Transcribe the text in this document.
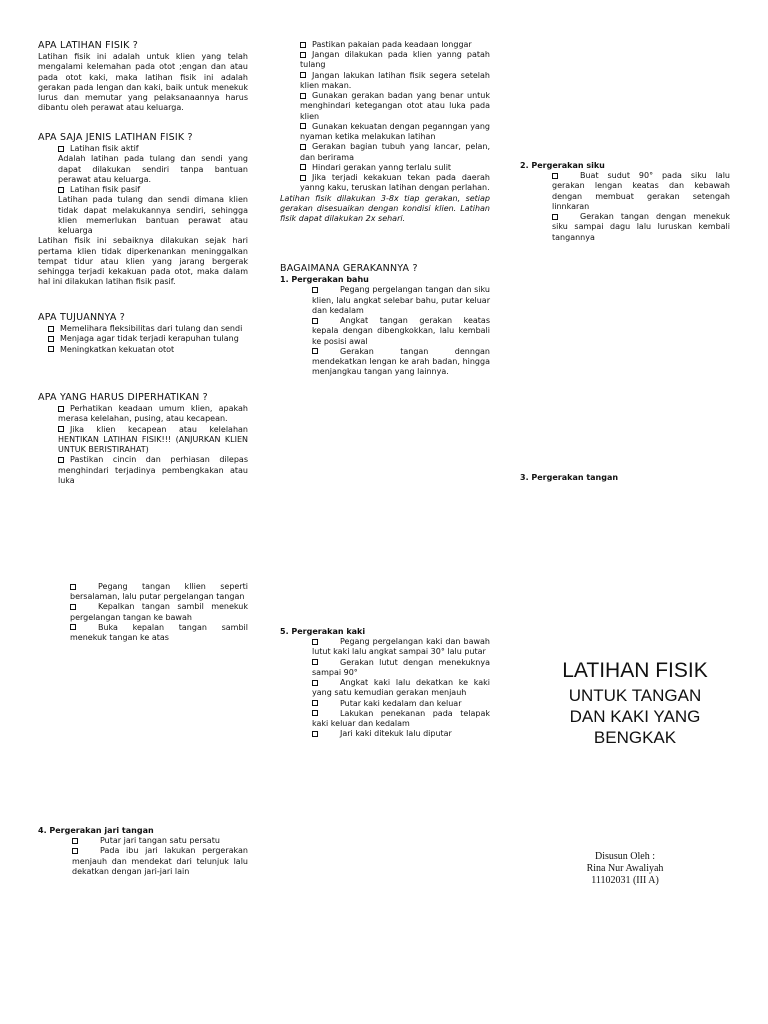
APA LATIHAN FISIK ?

Latihan fisik ini adalah untuk klien yang telah mengalami kelemahan pada otot ;engan dan atau pada otot kaki, maka latihan fisik ini adalah gerakan pada lengan dan kaki, baik untuk menekuk lurus dan memutar yang pelaksanaannya harus dibantu oleh perawat atau keluarga.

APA SAJA JENIS LATIHAN FISIK ?
Latihan fisik aktif

Adalah latihan pada tulang dan sendi yang dapat dilakukan sendiri tanpa bantuan perawat atau keluarga.

Latihan fisik pasif

Latihan pada tulang dan sendi dimana klien tidak dapat melakukannya sendiri, sehingga klien memerlukan bantuan perawat atau keluarga

Latihan fisik ini sebaiknya dilakukan sejak hari pertama klien tidak diperkenankan meninggalkan tempat tidur atau klien yang jarang bergerak sehingga terjadi kekakuan pada otot, maka dalam hal ini dilakukan latihan fisik pasif.

APA TUJUANNYA ?
Memelihara fleksibilitas dari tulang dan sendi
Menjaga agar tidak terjadi kerapuhan tulang
Meningkatkan kekuatan otot
APA YANG HARUS DIPERHATIKAN ?
Perhatikan keadaan umum klien, apakah merasa kelelahan, pusing, atau kecapean.
Jika klien kecapean atau kelelahan HENTIKAN LATIHAN FISIK!!! (ANJURKAN KLIEN UNTUK BERISTIRAHAT)
Pastikan cincin dan perhiasan dilepas menghindari terjadinya pembengkakan atau luka
Pegang tangan kllien seperti bersalaman, lalu putar pergelangan tangan
Kepalkan tangan sambil menekuk pergelangan tangan ke bawah
Buka kepalan tangan sambil menekuk tangan ke atas
4. Pergerakan jari tangan
Putar jari tangan satu persatu
Pada ibu jari lakukan pergerakan menjauh dan mendekat dari telunjuk lalu dekatkan dengan jari-jari lain
Pastikan pakaian pada keadaan longgar
Jangan dilakukan pada klien yanng patah tulang
Jangan lakukan latihan fisik segera setelah klien makan.
Gunakan gerakan badan yang benar untuk menghindari ketegangan otot atau luka pada klien
Gunakan kekuatan dengan peganngan yang nyaman ketika melakukan latihan
Gerakan bagian tubuh yang lancar, pelan, dan berirama
Hindari gerakan yanng terlalu sulit
Jika terjadi kekakuan tekan pada daerah yanng kaku, teruskan latihan dengan perlahan.

Latihan fisik dilakukan 3-8x tiap gerakan, setiap gerakan disesuaikan dengan kondisi klien. Latihan fisik dapat dilakukan 2x sehari.

BAGAIMANA GERAKANNYA ?
1. Pergerakan bahu
Pegang pergelangan tangan dan siku klien, lalu angkat selebar bahu, putar keluar dan kedalam
Angkat tangan gerakan keatas kepala dengan dibengkokkan, lalu kembali ke posisi awal
Gerakan tangan denngan mendekatkan lengan ke arah badan, hingga menjangkau tangan yang lainnya.
5. Pergerakan kaki
Pegang pergelangan kaki dan bawah lutut kaki lalu angkat sampai 30° lalu putar
Gerakan lutut dengan menekuknya sampai 90°
Angkat kaki lalu dekatkan ke kaki yang satu kemudian gerakan menjauh
Putar kaki kedalam dan keluar
Lakukan penekanan pada telapak kaki keluar dan kedalam
Jari kaki ditekuk lalu diputar
2. Pergerakan siku
Buat sudut 90° pada siku lalu gerakan lengan keatas dan kebawah dengan membuat gerakan setengah linnkaran
Gerakan tangan dengan menekuk siku sampai dagu lalu luruskan kembali tangannya
3. Pergerakan tangan
LATIHAN FISIK
UNTUK TANGAN
DAN KAKI YANG
BENGKAK
Disusun Oleh :
Rina Nur Awaliyah
11102031 (III A)
